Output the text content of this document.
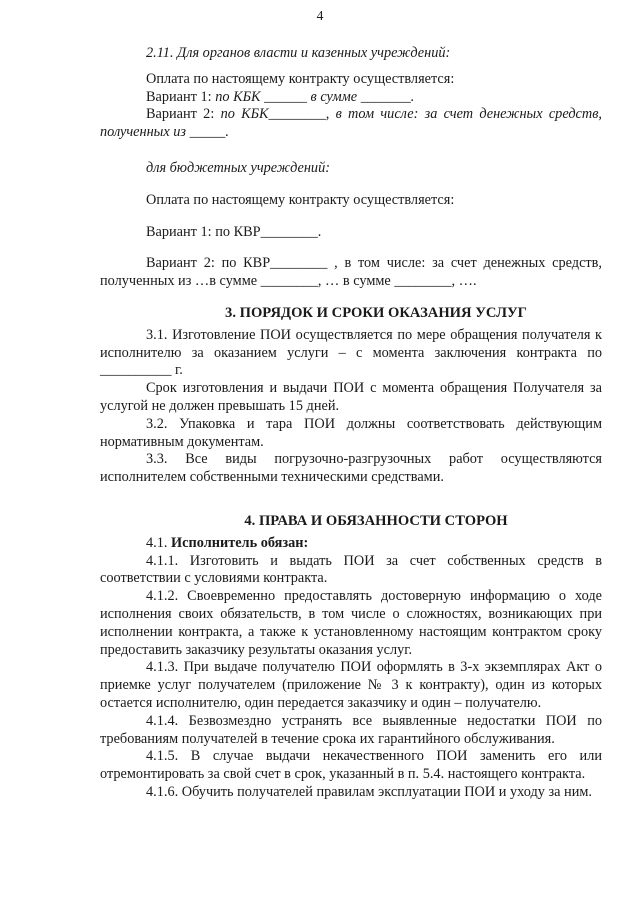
4

2.11. Для органов власти и казенных учреждений:

Оплата по настоящему контракту осуществляется:

Вариант 1: по КБК ______ в сумме _______.

Вариант 2: по КБК________, в том числе: за счет денежных средств, полученных из _____.

для бюджетных учреждений:

Оплата по настоящему контракту осуществляется:

Вариант 1: по КВР________.

Вариант 2: по КВР________ , в том числе: за счет денежных средств, полученных из …в сумме ________, … в сумме ________, ….

3. ПОРЯДОК И СРОКИ ОКАЗАНИЯ УСЛУГ

3.1. Изготовление ПОИ осуществляется по мере обращения получателя к исполнителю за оказанием услуги – с момента заключения контракта по __________ г.

Срок изготовления и выдачи ПОИ с момента обращения Получателя за услугой не должен превышать 15 дней.

3.2. Упаковка и тара ПОИ должны соответствовать действующим нормативным документам.

3.3. Все виды погрузочно-разгрузочных работ осуществляются исполнителем собственными техническими средствами.

4. ПРАВА И ОБЯЗАННОСТИ СТОРОН

4.1. Исполнитель обязан:

4.1.1. Изготовить и выдать ПОИ за счет собственных средств в соответствии с условиями контракта.

4.1.2. Своевременно предоставлять достоверную информацию о ходе исполнения своих обязательств, в том числе о сложностях, возникающих при исполнении контракта, а также к установленному настоящим контрактом сроку предоставить заказчику результаты оказания услуг.

4.1.3. При выдаче получателю ПОИ оформлять в 3-х экземплярах Акт о приемке услуг получателем (приложение № 3 к контракту), один из которых остается исполнителю, один передается заказчику и один – получателю.

4.1.4. Безвозмездно устранять все выявленные недостатки ПОИ по требованиям получателей в течение срока их гарантийного обслуживания.

4.1.5. В случае выдачи некачественного ПОИ заменить его или отремонтировать за свой счет в срок, указанный в п. 5.4. настоящего контракта.

4.1.6. Обучить получателей правилам эксплуатации ПОИ и уходу за ним.
